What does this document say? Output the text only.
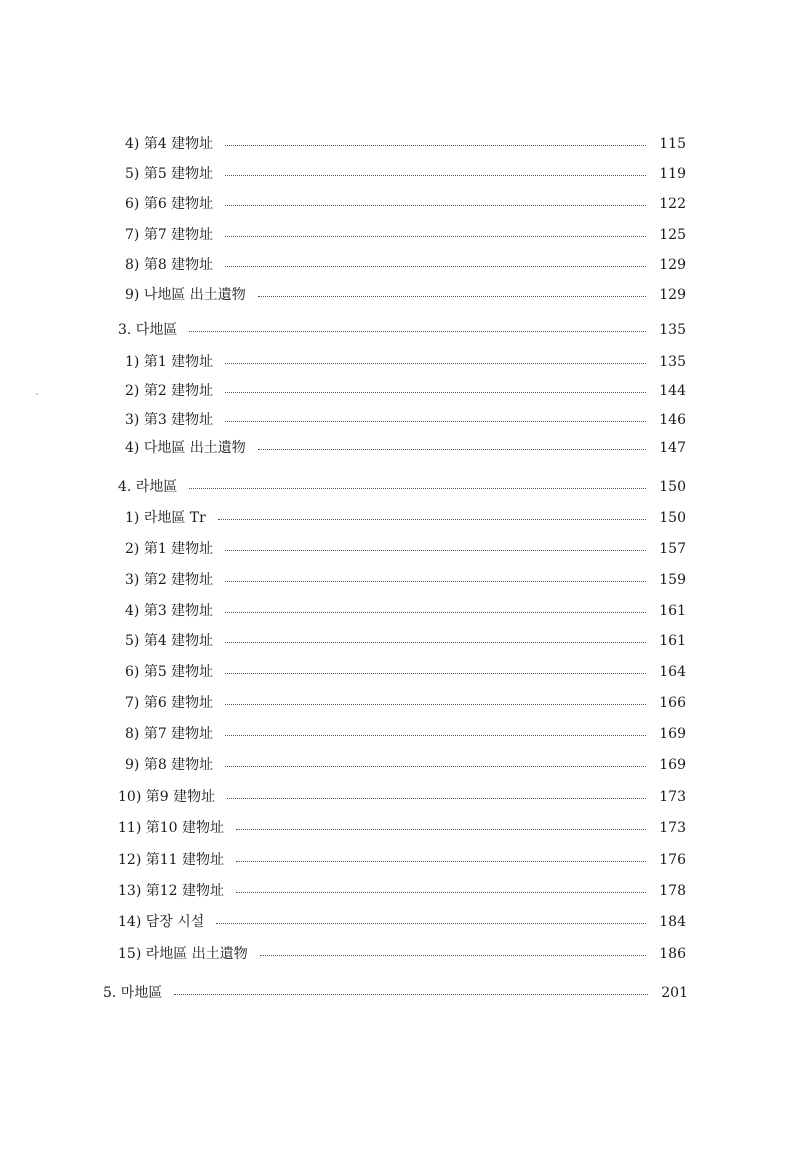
4) 第4 建物址	115
5) 第5 建物址	119
6) 第6 建物址	122
7) 第7 建物址	125
8) 第8 建物址	129
9) 나地區 出土遺物	129
3. 다地區	135
1) 第1 建物址	135
2) 第2 建物址	144
3) 第3 建物址	146
4) 다地區 出土遺物	147
4. 라地區	150
1) 라地區 Tr	150
2) 第1 建物址	157
3) 第2 建物址	159
4) 第3 建物址	161
5) 第4 建物址	161
6) 第5 建物址	164
7) 第6 建物址	166
8) 第7 建物址	169
9) 第8 建物址	169
10) 第9 建物址	173
11) 第10 建物址	173
12) 第11 建物址	176
13) 第12 建物址	178
14) 담장 시설	184
15) 라地區 出土遺物	186
5. 마地區	201
